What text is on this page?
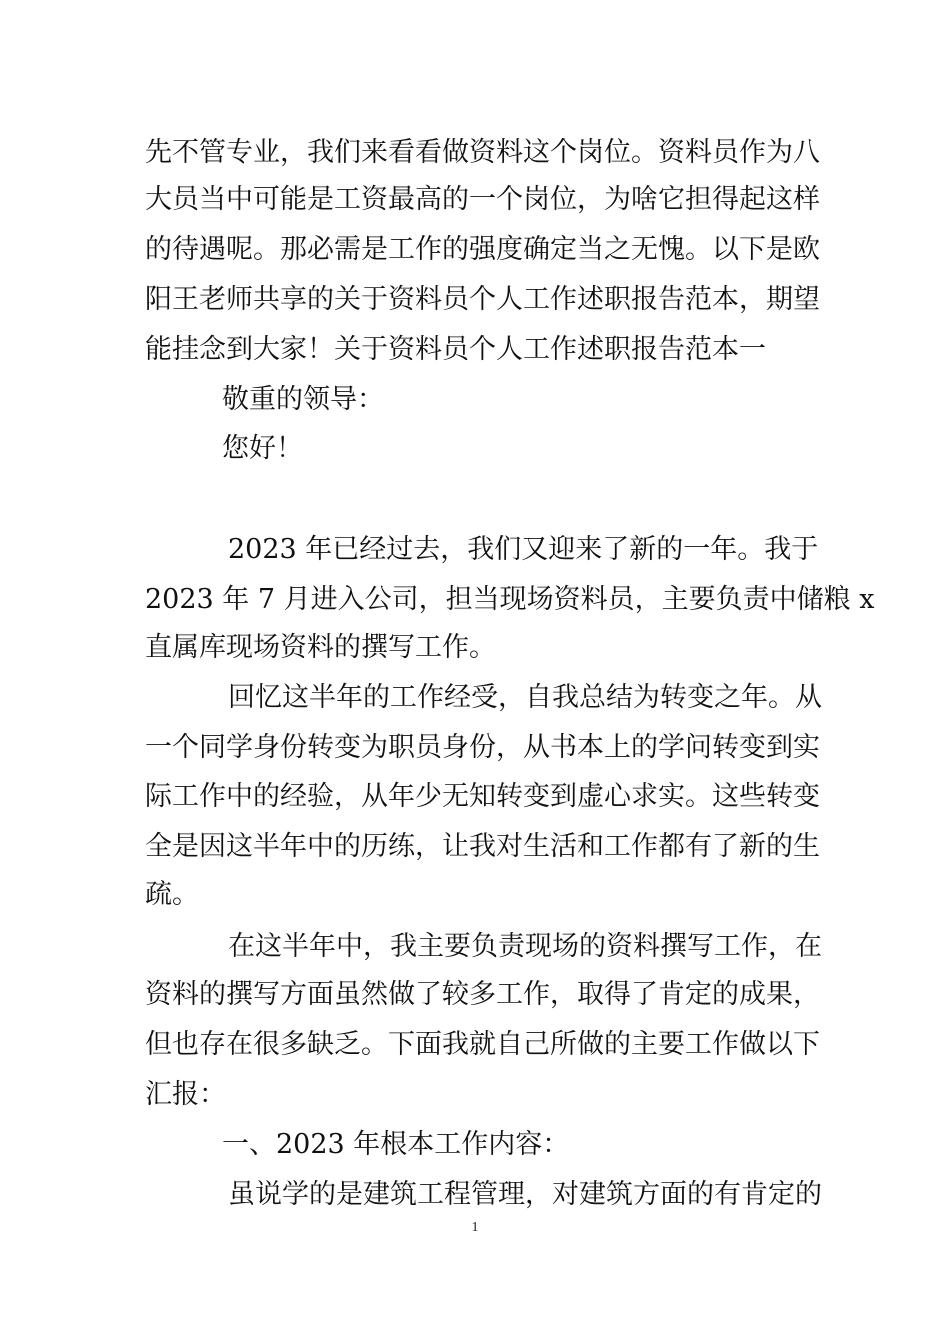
先不管专业，我们来看看做资料这个岗位。资料员作为八
大员当中可能是工资最高的一个岗位，为啥它担得起这样
的待遇呢。那必需是工作的强度确定当之无愧。以下是欧
阳王老师共享的关于资料员个人工作述职报告范本，期望
能挂念到大家！关于资料员个人工作述职报告范本一
敬重的领导：
您好！
2023 年已经过去，我们又迎来了新的一年。我于
2023 年 7 月进入公司，担当现场资料员，主要负责中储粮 x
直属库现场资料的撰写工作。
回忆这半年的工作经受，自我总结为转变之年。从
一个同学身份转变为职员身份，从书本上的学问转变到实
际工作中的经验，从年少无知转变到虚心求实。这些转变
全是因这半年中的历练，让我对生活和工作都有了新的生
疏。
在这半年中，我主要负责现场的资料撰写工作，在
资料的撰写方面虽然做了较多工作，取得了肯定的成果，
但也存在很多缺乏。下面我就自己所做的主要工作做以下
汇报：
一、2023 年根本工作内容：
虽说学的是建筑工程管理，对建筑方面的有肯定的
1
